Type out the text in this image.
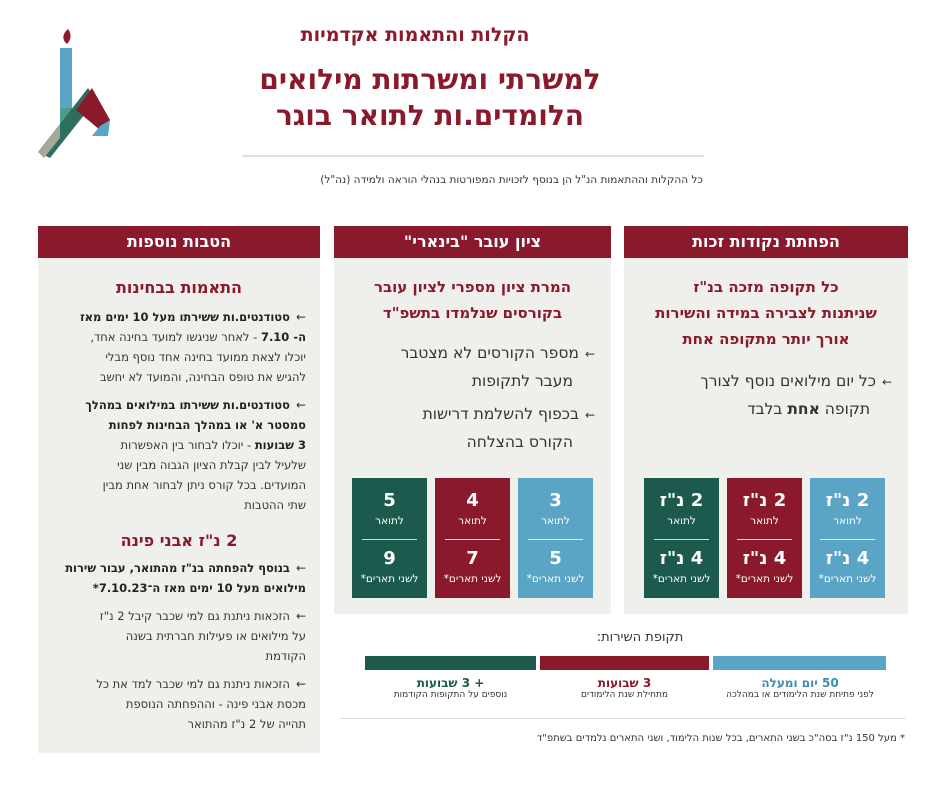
הקלות והתאמות אקדמיות
למשרתי ומשרתות מילואים
הלומדים.ות לתואר בוגר
כל ההקלות וההתאמות הנ"ל הן בנוסף לזכויות המפורטות בנהלי הוראה ולמידה (נה"ל)
הפחתת נקודות זכות
כל תקופה מזכה בנ"ז
שניתנות לצבירה במידה והשירות
אורך יותר מתקופה אחת
←כל יום מילואים נוסף לצורך
תקופה אחת בלבד
2 נ"ז
לתואר
4 נ"ז
לשני תארים*
2 נ"ז
לתואר
4 נ"ז
לשני תארים*
2 נ"ז
לתואר
4 נ"ז
לשני תארים*
ציון עובר "בינארי"
המרת ציון מספרי לציון עובר
בקורסים שנלמדו בתשפ"ד
←מספר הקורסים לא מצטבר
מעבר לתקופות
←בכפוף להשלמת דרישות
הקורס בהצלחה
3
לתואר
5
לשני תארים*
4
לתואר
7
לשני תארים*
5
לתואר
9
לשני תארים*
הטבות נוספות
התאמות בבחינות
←סטודנטים.ות ששירתו מעל 10 ימים מאז
ה- 7.10 - לאחר שניגשו למועד בחינה אחד,
יוכלו לצאת ממועד בחינה אחד נוסף מבלי
להגיש את טופס הבחינה, והמועד לא יחשב
←סטודנטים.ות ששירתו במילואים במהלך
סמסטר א' או במהלך הבחינות לפחות
3 שבועות - יוכלו לבחור בין האפשרות
שלעיל לבין קבלת הציון הגבוה מבין שני
המועדים. בכל קורס ניתן לבחור אחת מבין
שתי ההטבות
2 נ"ז אבני פינה
←בנוסף להפחתה בנ"ז מהתואר, עבור שירות
מילואים מעל 10 ימים מאז ה־7.10.23*
←הזכאות ניתנת גם למי שכבר קיבל 2 נ"ז
על מילואים או פעילות חברתית בשנה
הקודמת
←הזכאות ניתנת גם למי שכבר למד את כל
מכסת אבני פינה - וההפחתה הנוספת
תהייה של 2 נ"ז מהתואר
תקופת השירות:
50 יום ומעלה
לפני פתיחת שנת הלימודים או במהלכה
3 שבועות
מתחילת שנת הלימודים
+ 3 שבועות
נוספים על התקופות הקודמות
* מעל 150 נ"ז בסה"כ בשני התארים, בכל שנות הלימוד, ושני התארים נלמדים בשתפ"ד
